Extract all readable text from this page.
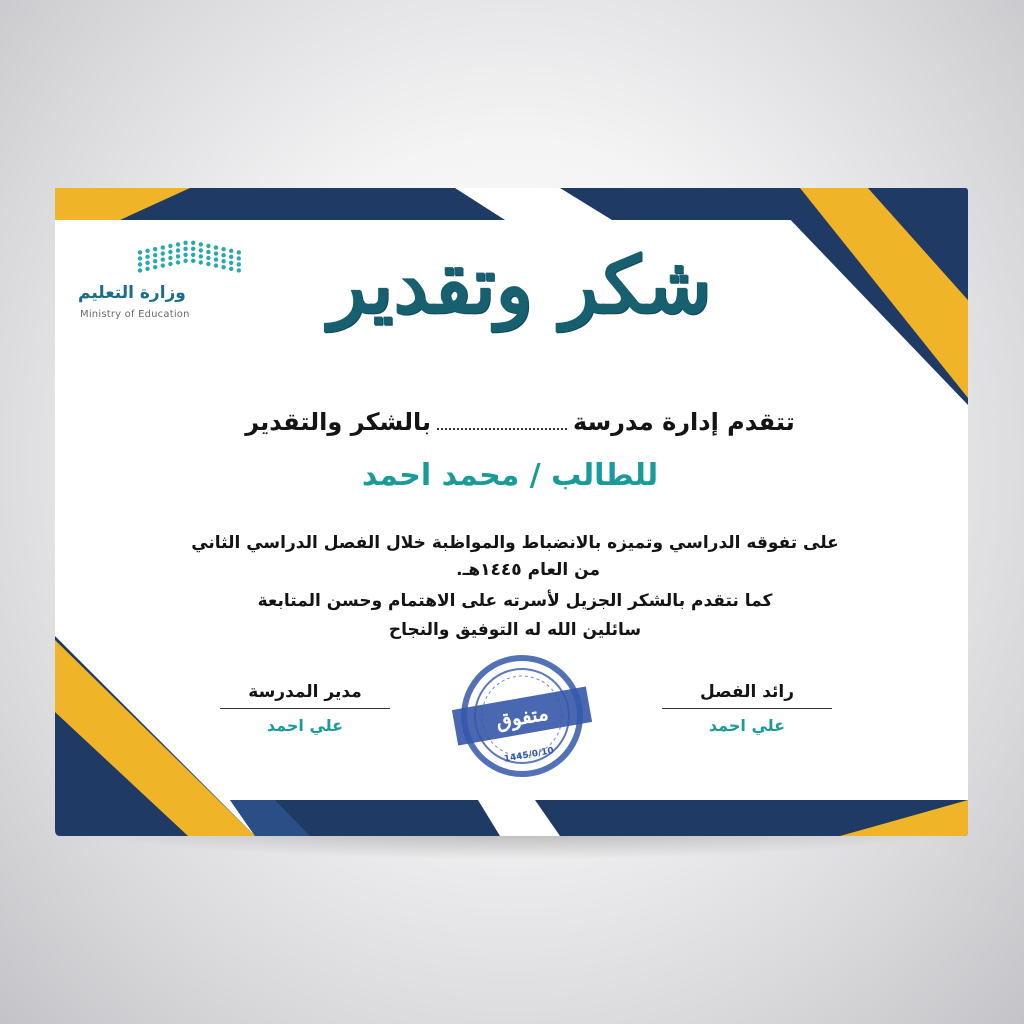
متفوق
1445/0/10
وزارة التعليم
Ministry of Education	شكر وتقدير
تتقدم إدارة مدرسةبالشكر والتقدير
للطالب / محمد احمد
على تفوقه الدراسي وتميزه بالانضباط والمواظبة خلال الفصل الدراسي الثاني
من العام ١٤٤٥هـ.
كما نتقدم بالشكر الجزيل لأسرته على الاهتمام وحسن المتابعة
سائلين الله له التوفيق والنجاح
مدير المدرسة
علي احمد
رائد الفصل
علي احمد
